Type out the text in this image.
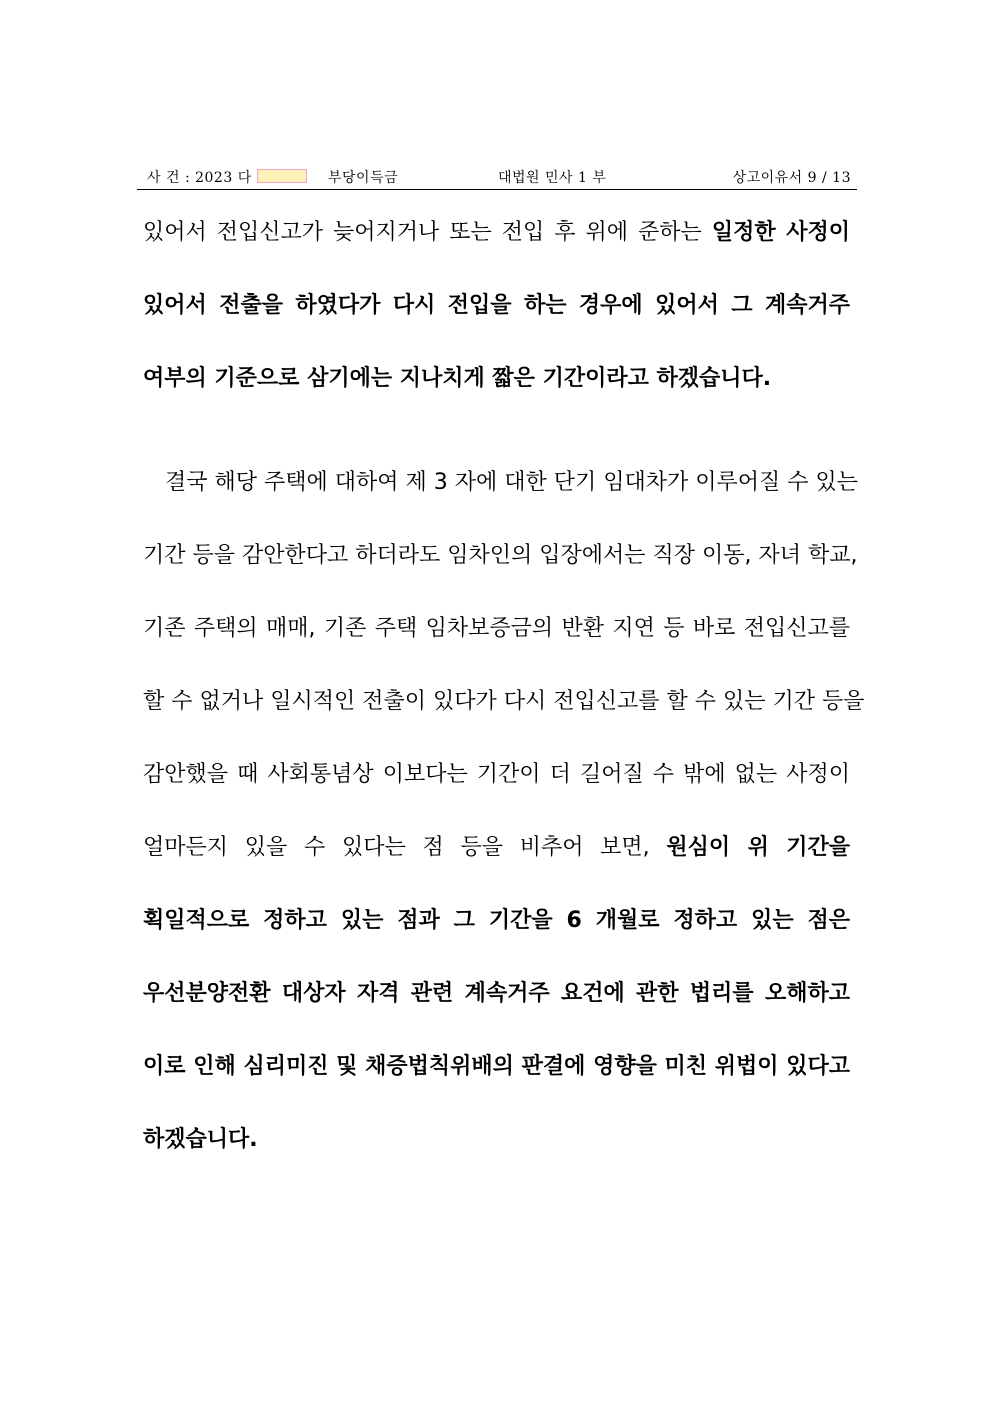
사 건 : 2023 다	부당이득금	대법원 민사 1 부	상고이유서 9 / 13
있어서 전입신고가 늦어지거나 또는 전입 후 위에 준하는 일정한 사정이
있어서 전출을 하였다가 다시 전입을 하는 경우에 있어서 그 계속거주
여부의 기준으로 삼기에는 지나치게 짧은 기간이라고 하겠습니다.
결국 해당 주택에 대하여 제 3 자에 대한 단기 임대차가 이루어질 수 있는
기간 등을 감안한다고 하더라도 임차인의 입장에서는 직장 이동, 자녀 학교,
기존 주택의 매매, 기존 주택 임차보증금의 반환 지연 등 바로 전입신고를
할 수 없거나 일시적인 전출이 있다가 다시 전입신고를 할 수 있는 기간 등을
감안했을 때 사회통념상 이보다는 기간이 더 길어질 수 밖에 없는 사정이
얼마든지 있을 수 있다는 점 등을 비추어 보면, 원심이 위 기간을
획일적으로 정하고 있는 점과 그 기간을 6 개월로 정하고 있는 점은
우선분양전환 대상자 자격 관련 계속거주 요건에 관한 법리를 오해하고
이로 인해 심리미진 및 채증법칙위배의 판결에 영향을 미친 위법이 있다고
하겠습니다.
